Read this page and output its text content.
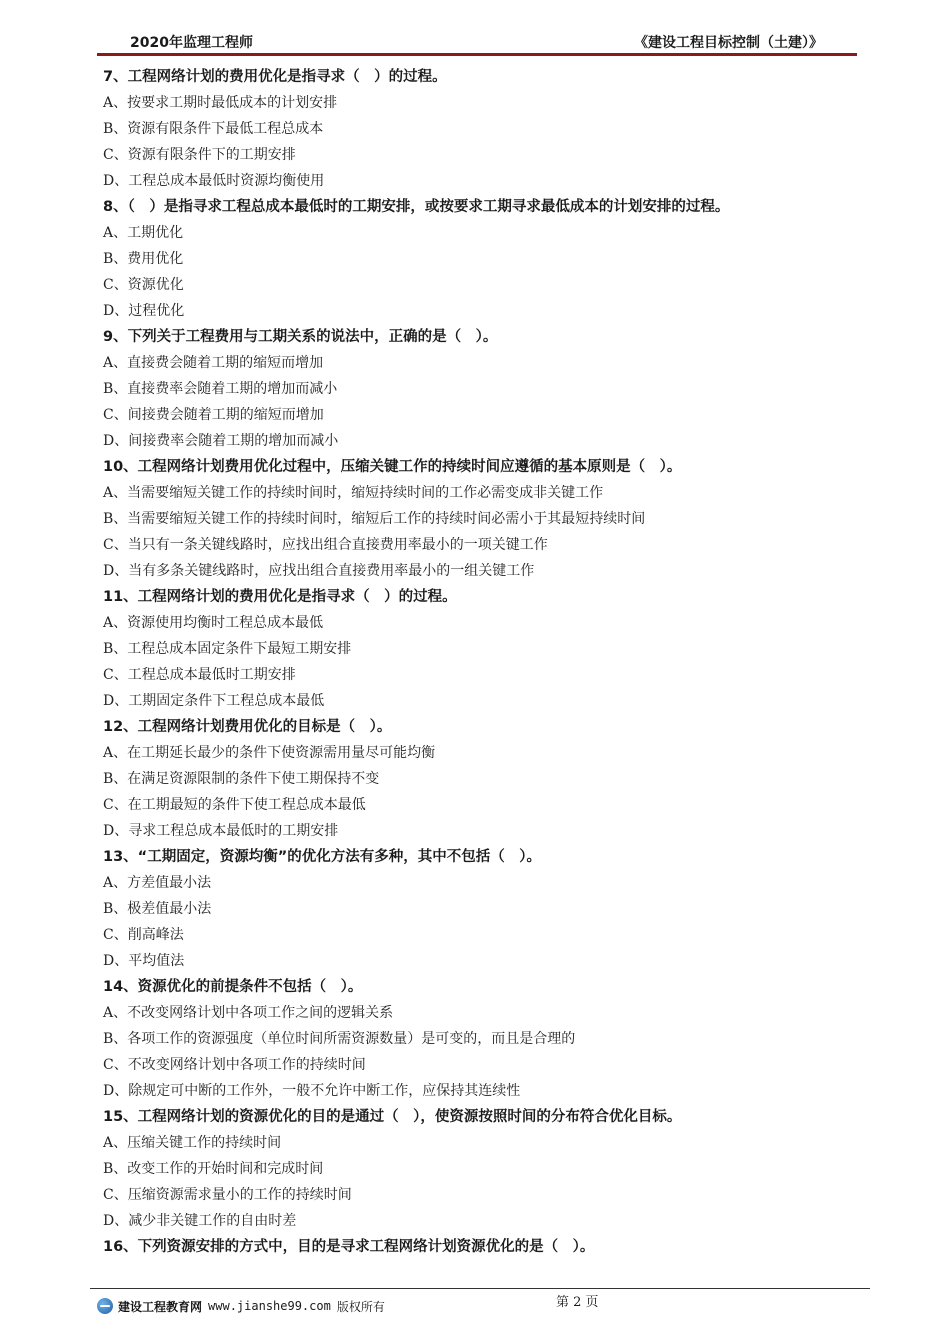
2020年监理工程师	《建设工程目标控制（土建）》
7、工程网络计划的费用优化是指寻求（　）的过程。
A、按要求工期时最低成本的计划安排
B、资源有限条件下最低工程总成本
C、资源有限条件下的工期安排
D、工程总成本最低时资源均衡使用
8、（　）是指寻求工程总成本最低时的工期安排，或按要求工期寻求最低成本的计划安排的过程。
A、工期优化
B、费用优化
C、资源优化
D、过程优化
9、下列关于工程费用与工期关系的说法中，正确的是（　）。
A、直接费会随着工期的缩短而增加
B、直接费率会随着工期的增加而减小
C、间接费会随着工期的缩短而增加
D、间接费率会随着工期的增加而减小
10、工程网络计划费用优化过程中，压缩关键工作的持续时间应遵循的基本原则是（　）。
A、当需要缩短关键工作的持续时间时，缩短持续时间的工作必需变成非关键工作
B、当需要缩短关键工作的持续时间时，缩短后工作的持续时间必需小于其最短持续时间
C、当只有一条关键线路时，应找出组合直接费用率最小的一项关键工作
D、当有多条关键线路时，应找出组合直接费用率最小的一组关键工作
11、工程网络计划的费用优化是指寻求（　）的过程。
A、资源使用均衡时工程总成本最低
B、工程总成本固定条件下最短工期安排
C、工程总成本最低时工期安排
D、工期固定条件下工程总成本最低
12、工程网络计划费用优化的目标是（　）。
A、在工期延长最少的条件下使资源需用量尽可能均衡
B、在满足资源限制的条件下使工期保持不变
C、在工期最短的条件下使工程总成本最低
D、寻求工程总成本最低时的工期安排
13、“工期固定，资源均衡”的优化方法有多种，其中不包括（　）。
A、方差值最小法
B、极差值最小法
C、削高峰法
D、平均值法
14、资源优化的前提条件不包括（　）。
A、不改变网络计划中各项工作之间的逻辑关系
B、各项工作的资源强度（单位时间所需资源数量）是可变的，而且是合理的
C、不改变网络计划中各项工作的持续时间
D、除规定可中断的工作外，一般不允许中断工作，应保持其连续性
15、工程网络计划的资源优化的目的是通过（　），使资源按照时间的分布符合优化目标。
A、压缩关键工作的持续时间
B、改变工作的开始时间和完成时间
C、压缩资源需求量小的工作的持续时间
D、减少非关键工作的自由时差
16、下列资源安排的方式中，目的是寻求工程网络计划资源优化的是（　）。
第 2 页
建设工程教育网 www.jianshe99.com 版权所有
